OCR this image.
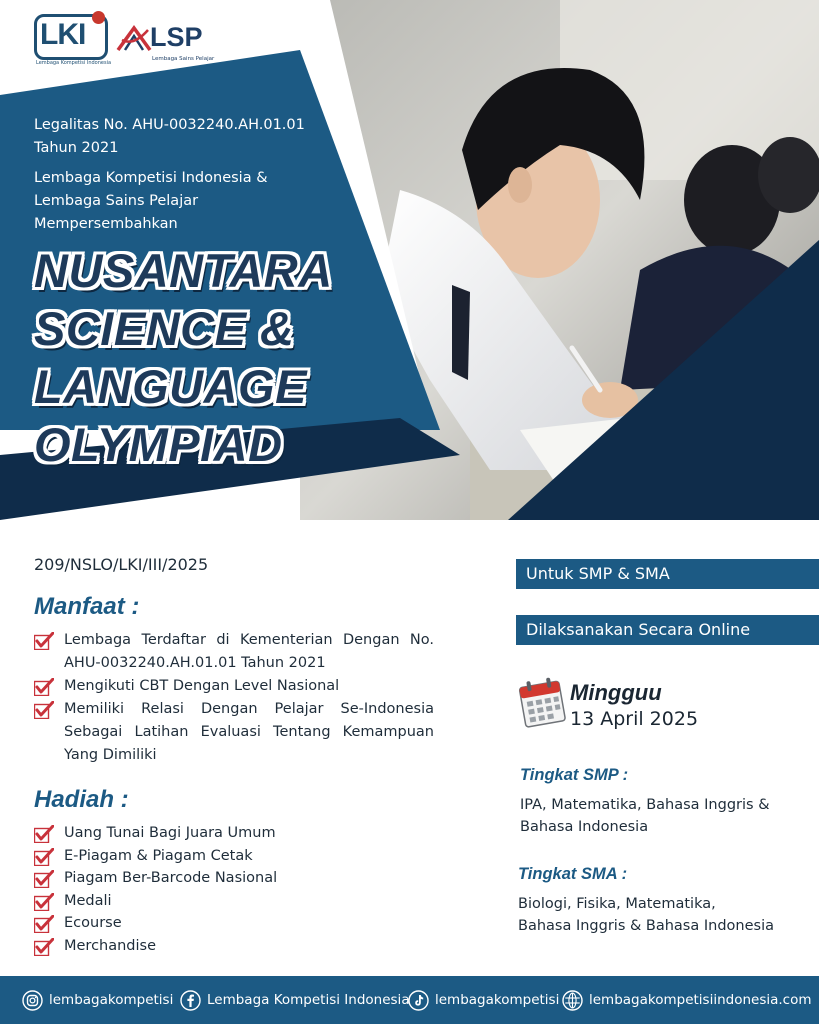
LKI
Lembaga Kompetisi Indonesia
LSP
Lembaga Sains Pelajar
Legalitas No. AHU-0032240.AH.01.01
Tahun 2021
Lembaga Kompetisi Indonesia &
Lembaga Sains Pelajar
Mempersembahkan
NUSANTARA
SCIENCE &
LANGUAGE
OLYMPIAD
209/NSLO/LKI/III/2025
Manfaat :
Lembaga Terdaftar di Kementerian Dengan No. AHU-0032240.AH.01.01 Tahun 2021
Mengikuti CBT Dengan Level Nasional
Memiliki Relasi Dengan Pelajar Se-Indonesia Sebagai Latihan Evaluasi Tentang Kemampuan Yang Dimiliki
Hadiah :
Uang Tunai Bagi Juara Umum
E-Piagam & Piagam Cetak
Piagam Ber-Barcode Nasional
Medali
Ecourse
Merchandise
Untuk SMP & SMA
Dilaksanakan Secara Online
Mingguu
13 April 2025
Tingkat SMP :
IPA, Matematika, Bahasa Inggris &
Bahasa Indonesia
Tingkat SMA :
Biologi, Fisika, Matematika,
Bahasa Inggris & Bahasa Indonesia
lembagakompetisi Lembaga Kompetisi Indonesia lembagakompetisi lembagakompetisiindonesia.com
